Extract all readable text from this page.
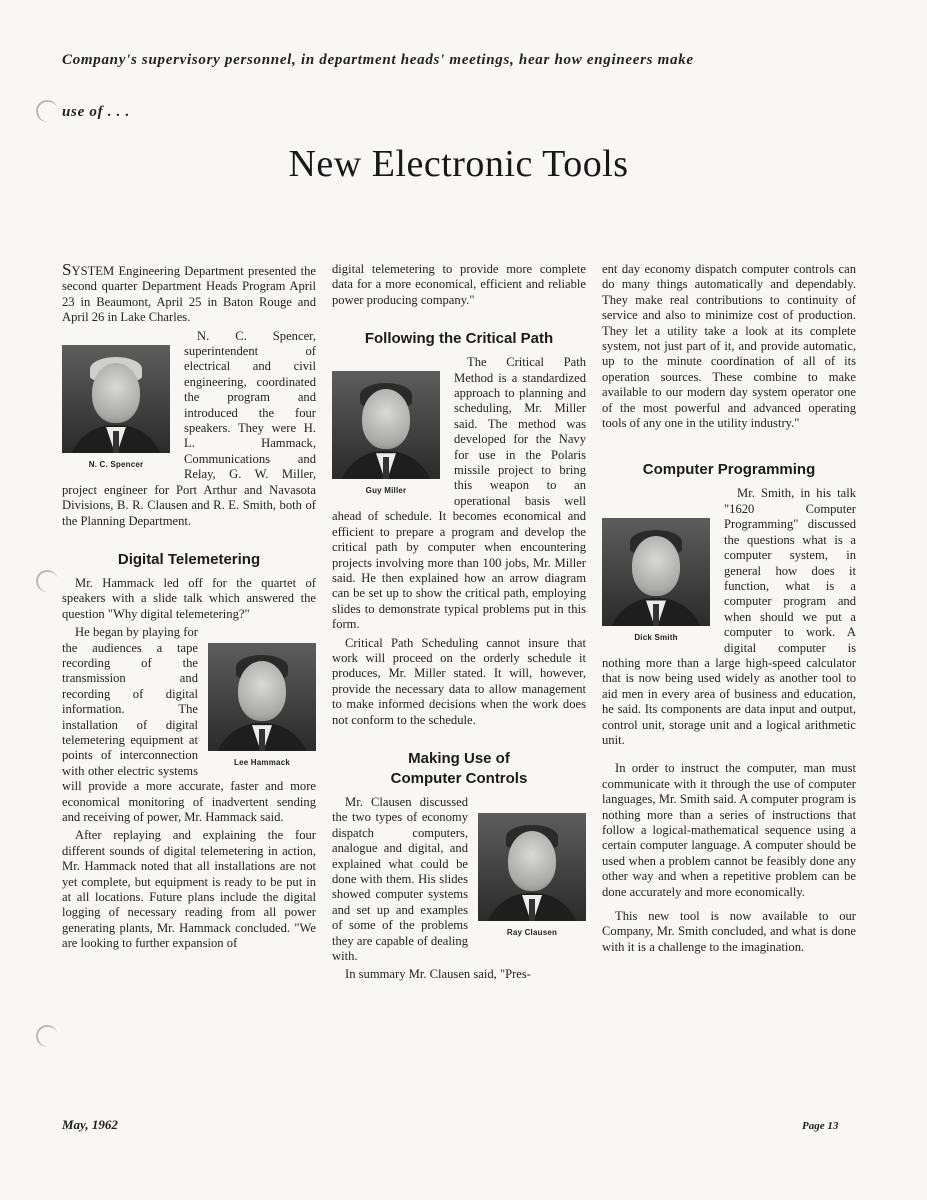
Company's supervisory personnel, in department heads' meetings, hear how engineers make
use of . . .
New Electronic Tools

SYSTEM Engineering Department presented the second quarter Department Heads Program April 23 in Beaumont, April 25 in Baton Rouge and April 26 in Lake Charles.

N. C. Spencer

N. C. Spencer, superintendent of electrical and civil engineering, coordinated the program and introduced the four speakers. They were H. L. Hammack, Communications and Relay, G. W. Miller, project engineer for Port Arthur and Navasota Divisions, B. R. Clausen and R. E. Smith, both of the Planning Department.

Digital Telemetering

Mr. Hammack led off for the quartet of speakers with a slide talk which answered the question "Why digital telemetering?"

Lee Hammack

He began by playing for the audiences a tape recording of the transmission and recording of digital information. The installation of digital telemetering equipment at points of interconnection with other electric systems will provide a more accurate, faster and more economical monitoring of inadvertent sending and receiving of power, Mr. Hammack said.

After replaying and explaining the four different sounds of digital telemetering in action, Mr. Hammack noted that all installations are not yet complete, but equipment is ready to be put in at all locations. Future plans include the digital logging of necessary reading from all power generating plants, Mr. Hammack concluded. "We are looking to further expansion of

digital telemetering to provide more complete data for a more economical, efficient and reliable power producing company."

Following the Critical Path
Guy Miller

The Critical Path Method is a standardized approach to planning and scheduling, Mr. Miller said. The method was developed for the Navy for use in the Polaris missile project to bring this weapon to an operational basis well ahead of schedule. It becomes economical and efficient to prepare a program and develop the critical path by computer when encountering projects involving more than 100 jobs, Mr. Miller said. He then explained how an arrow diagram can be set up to show the critical path, employing slides to demonstrate typical problems put in this form.

Critical Path Scheduling cannot insure that work will proceed on the orderly schedule it produces, Mr. Miller stated. It will, however, provide the necessary data to allow management to make informed decisions when the work does not conform to the schedule.

Making Use of
Computer Controls
Ray Clausen

Mr. Clausen discussed the two types of economy dispatch computers, analogue and digital, and explained what could be done with them. His slides showed computer systems and set up and examples of some of the problems they are capable of dealing with.

In summary Mr. Clausen said, "Pres-

ent day economy dispatch computer controls can do many things automatically and dependably. They make real contributions to continuity of service and also to minimize cost of production. They let a utility take a look at its complete system, not just part of it, and provide automatic, up to the minute coordination of all of its operation sources. These combine to make available to our modern day system operator one of the most powerful and advanced operating tools of any one in the utility industry."

Computer Programming
Dick Smith

Mr. Smith, in his talk "1620 Computer Programming" discussed the questions what is a computer system, in general how does it function, what is a computer program and when should we put a computer to work. A digital computer is nothing more than a large high-speed calculator that is now being used widely as another tool to aid men in every area of business and education, he said. Its components are data input and output, control unit, storage unit and a logical arithmetic unit.

In order to instruct the computer, man must communicate with it through the use of computer languages, Mr. Smith said. A computer program is nothing more than a series of instructions that follow a logical-mathematical sequence using a certain computer language. A computer should be used when a problem cannot be feasibly done any other way and when a repetitive problem can be done accurately and more economically.

This new tool is now available to our Company, Mr. Smith concluded, and what is done with it is a challenge to the imagination.

May, 1962	Page 13
